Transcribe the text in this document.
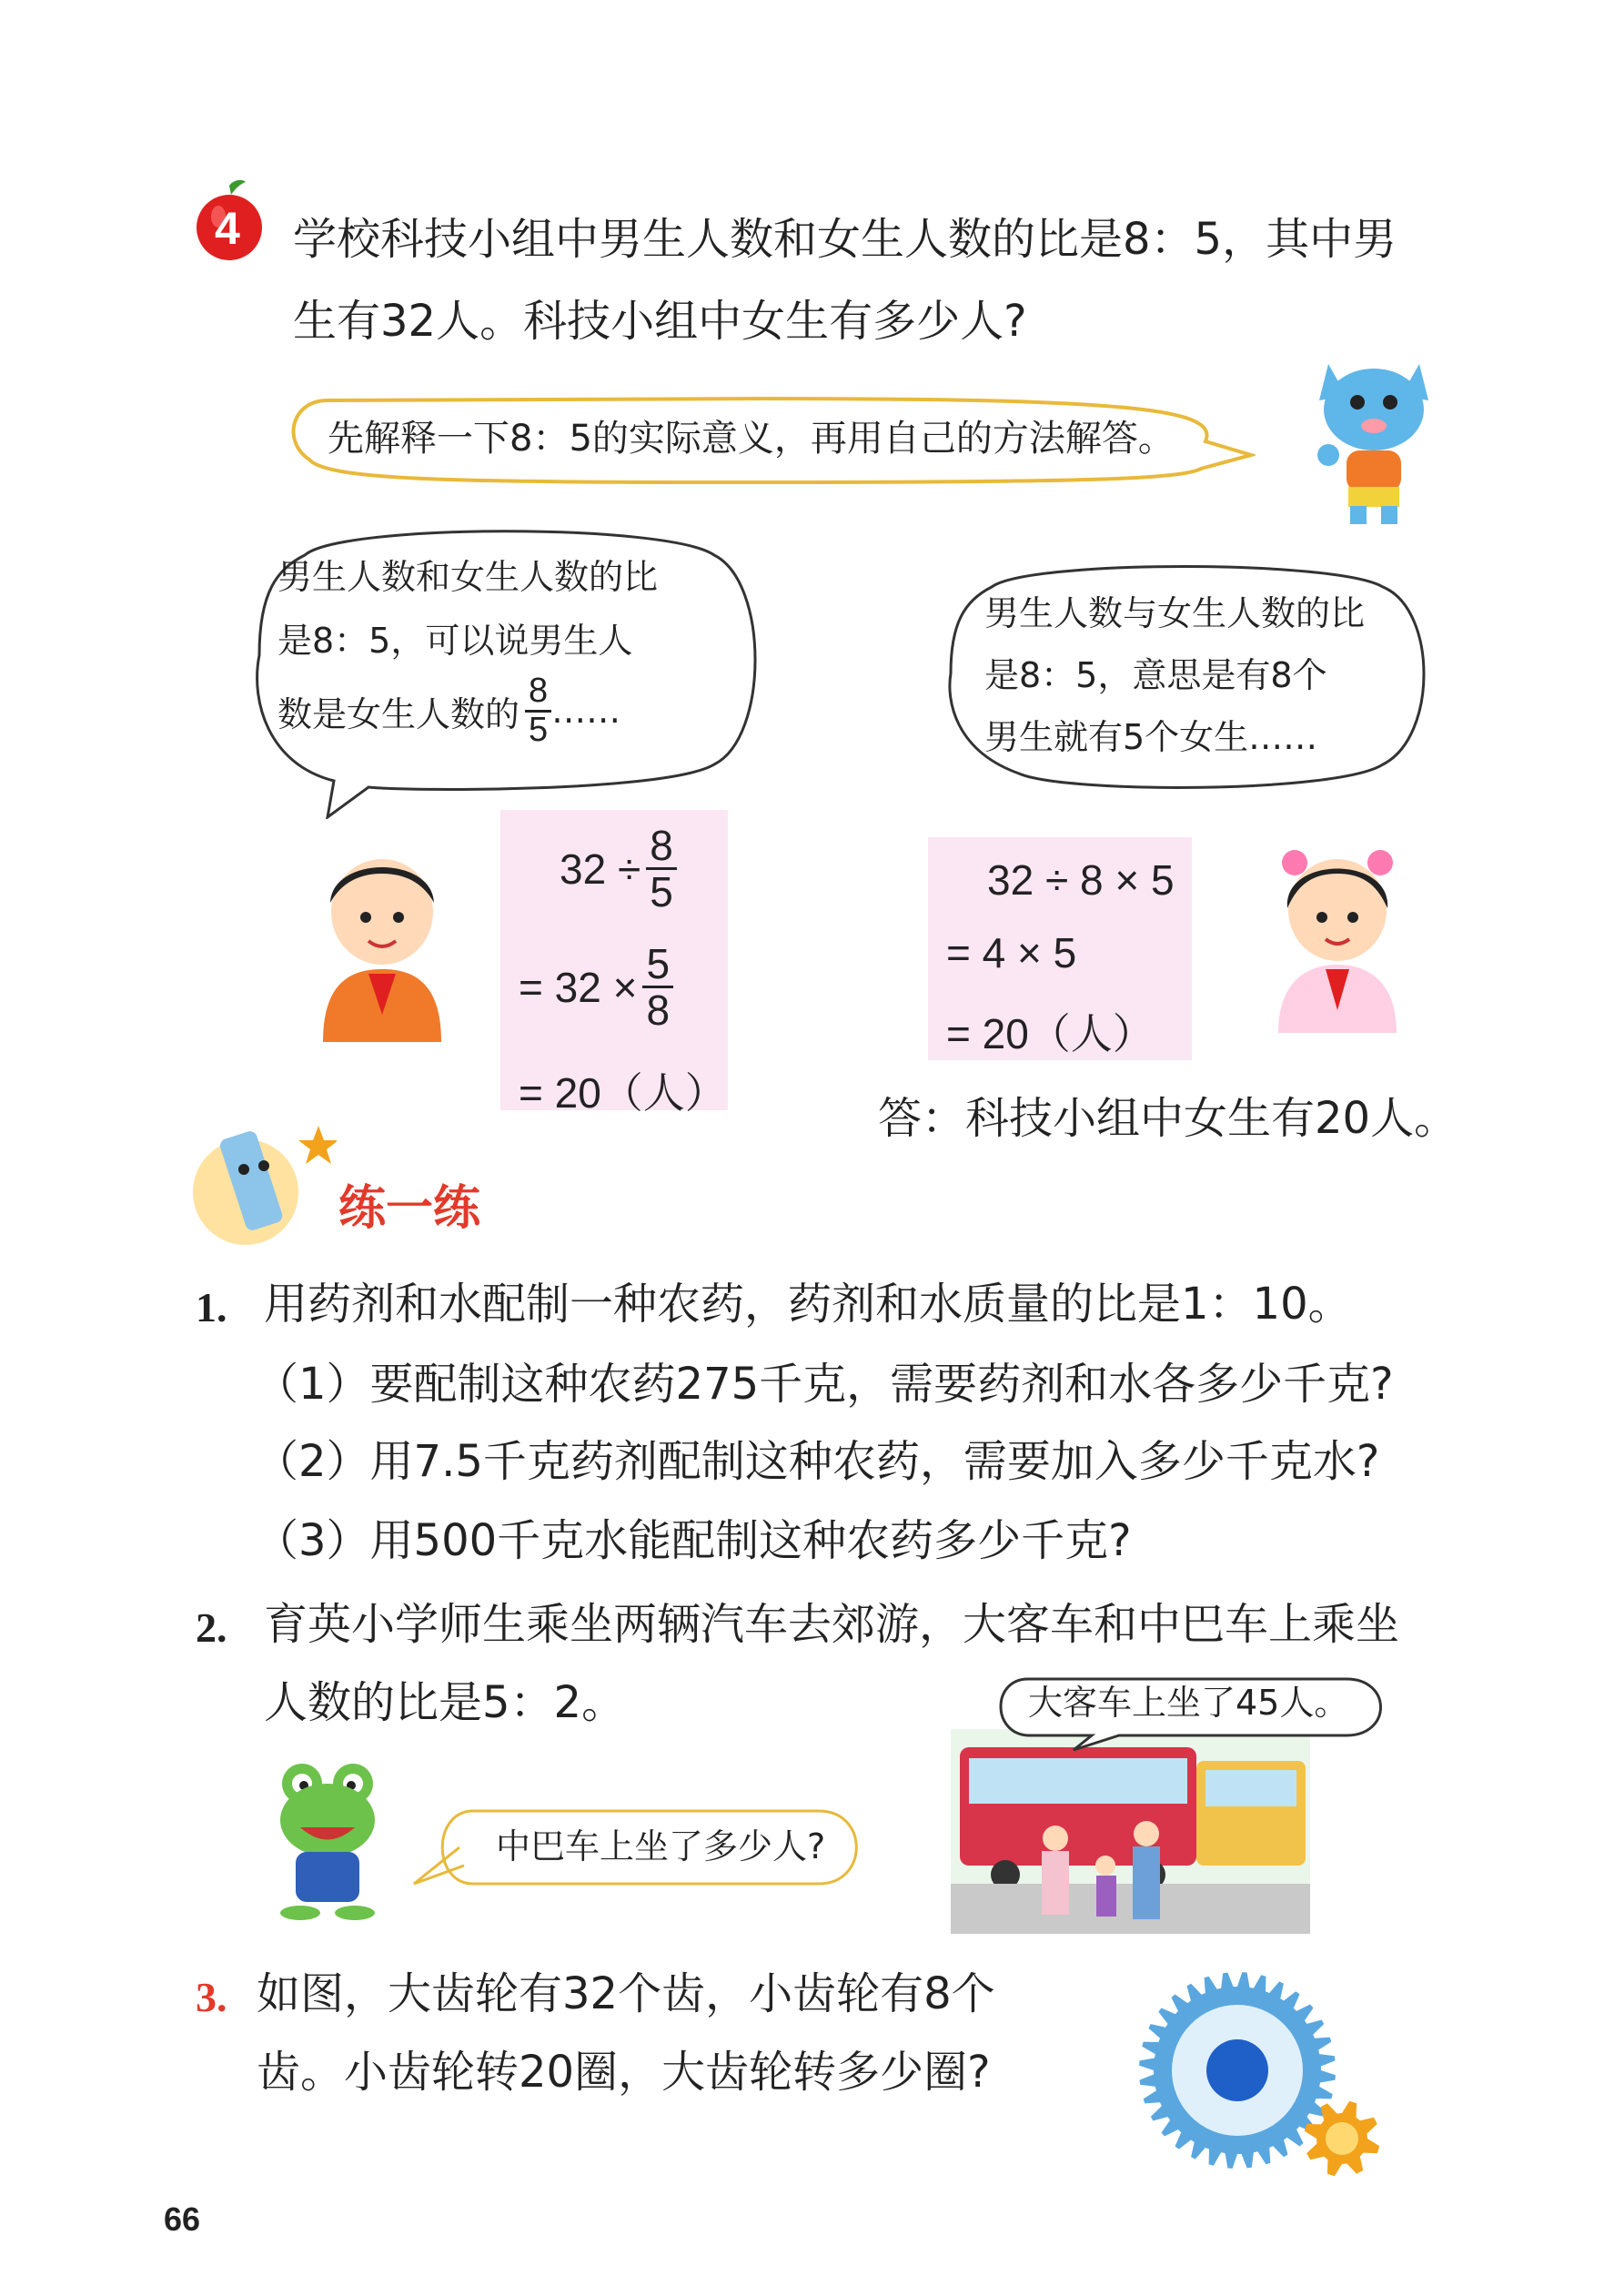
4 学校科技小组中男生人数和女生人数的比是8：5，其中男
生有32人。科技小组中女生有多少人?
先解释一下8：5的实际意义，再用自己的方法解答。
男生人数和女生人数的比
是8：5，可以说男生人
数是女生人数的 $\frac{8}{5}$ ……
男生人数与女生人数的比
是8：5，意思是有8个
男生就有5个女生……
$32 \div \frac{8}{5}$
= $32 \times \frac{5}{8}$
= 20（人）
32 ÷ 8 × 5
= 4 × 5
= 20（人）
答：科技小组中女生有20人。
练一练
1. 用药剂和水配制一种农药，药剂和水质量的比是1：10。
（1）要配制这种农药275千克，需要药剂和水各多少千克?
（2）用7.5千克药剂配制这种农药，需要加入多少千克水?
（3）用500千克水能配制这种农药多少千克?
2. 育英小学师生乘坐两辆汽车去郊游，大客车和中巴车上乘坐
人数的比是5：2。	大客车上坐了45人。
中巴车上坐了多少人?
3. 如图，大齿轮有32个齿，小齿轮有8个
齿。小齿轮转20圈，大齿轮转多少圈?
66
